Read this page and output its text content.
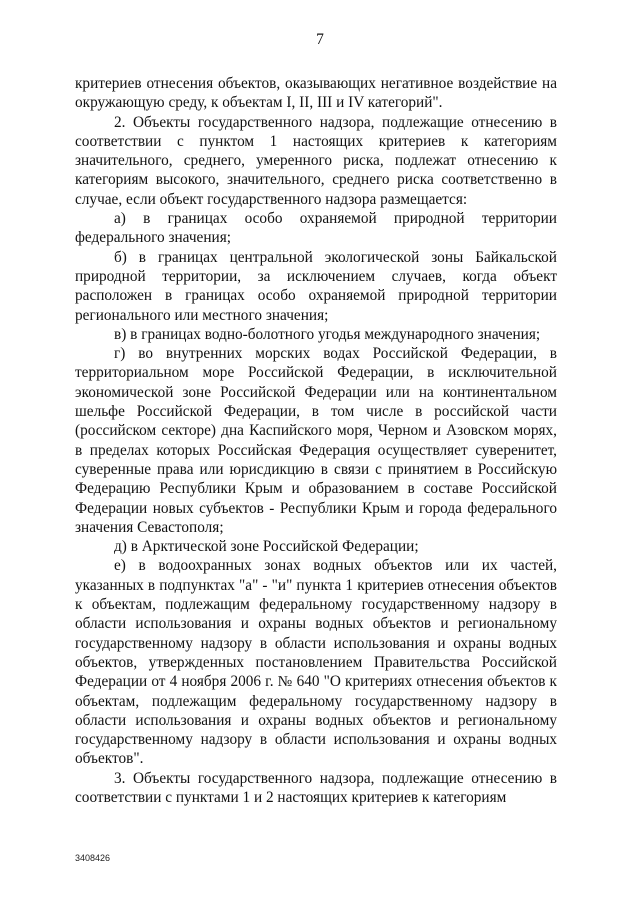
7

критериев отнесения объектов, оказывающих негативное воздействие на окружающую среду, к объектам I, II, III и IV категорий".

2. Объекты государственного надзора, подлежащие отнесению в соответствии с пунктом 1 настоящих критериев к категориям значительного, среднего, умеренного риска, подлежат отнесению к категориям высокого, значительного, среднего риска соответственно в случае, если объект государственного надзора размещается:

а) в границах особо охраняемой природной территории федерального значения;

б) в границах центральной экологической зоны Байкальской природной территории, за исключением случаев, когда объект расположен в границах особо охраняемой природной территории регионального или местного значения;

в) в границах водно-болотного угодья международного значения;

г) во внутренних морских водах Российской Федерации, в территориальном море Российской Федерации, в исключительной экономической зоне Российской Федерации или на континентальном шельфе Российской Федерации, в том числе в российской части (российском секторе) дна Каспийского моря, Черном и Азовском морях, в пределах которых Российская Федерация осуществляет суверенитет, суверенные права или юрисдикцию в связи с принятием в Российскую Федерацию Республики Крым и образованием в составе Российской Федерации новых субъектов - Республики Крым и города федерального значения Севастополя;

д) в Арктической зоне Российской Федерации;

е) в водоохранных зонах водных объектов или их частей, указанных в подпунктах "а" - "и" пункта 1 критериев отнесения объектов к объектам, подлежащим федеральному государственному надзору в области использования и охраны водных объектов и региональному государственному надзору в области использования и охраны водных объектов, утвержденных постановлением Правительства Российской Федерации от 4 ноября 2006 г. № 640 "О критериях отнесения объектов к объектам, подлежащим федеральному государственному надзору в области использования и охраны водных объектов и региональному государственному надзору в области использования и охраны водных объектов".

3. Объекты государственного надзора, подлежащие отнесению в соответствии с пунктами 1 и 2 настоящих критериев к категориям

3408426
